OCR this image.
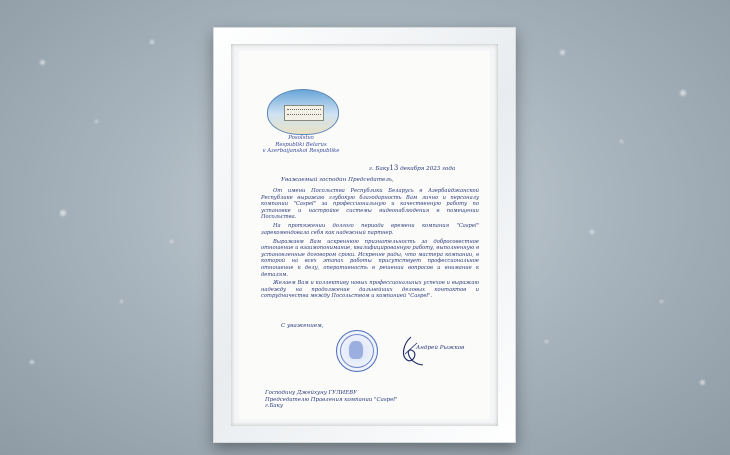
Posolstvo
Respubliki Belarus
v Azerbaijanskoi Respublike
г. Баку13 декабря 2023 года
Уважаемый господин Председатель,

От имени Посольства Республики Беларусь в Азербайджанской Республике выражаю глубокую благодарность Вам лично и персоналу компании "Caspel" за профессиональную и качественную работу по установке и настройке системы видеонаблюдения в помещении Посольства.

На протяжении долгого периода времени компания "Caspel" зарекомендовала себя как надежный партнер.

Выражаем Вам искреннюю признательность за добросовестное отношение и взаимопонимание, квалифицированную работу, выполненную в установленные договором сроки. Искренне рады, что мастера компании, в которой на всех этапах работы присутствует профессиональное отношение к делу, оперативность в решении вопросов и внимание к деталям.

Желаем Вам и коллективу новых профессиональных успехов и выражаю надежду на продолжение дальнейших деловых контактов и сотрудничества между Посольством и компанией "Caspel".

С уважением,
Андрей Рыжков
Господину Джейхуну ГУЛИЕВУ
Председателю Правления компании "Caspel"
г.Баку
